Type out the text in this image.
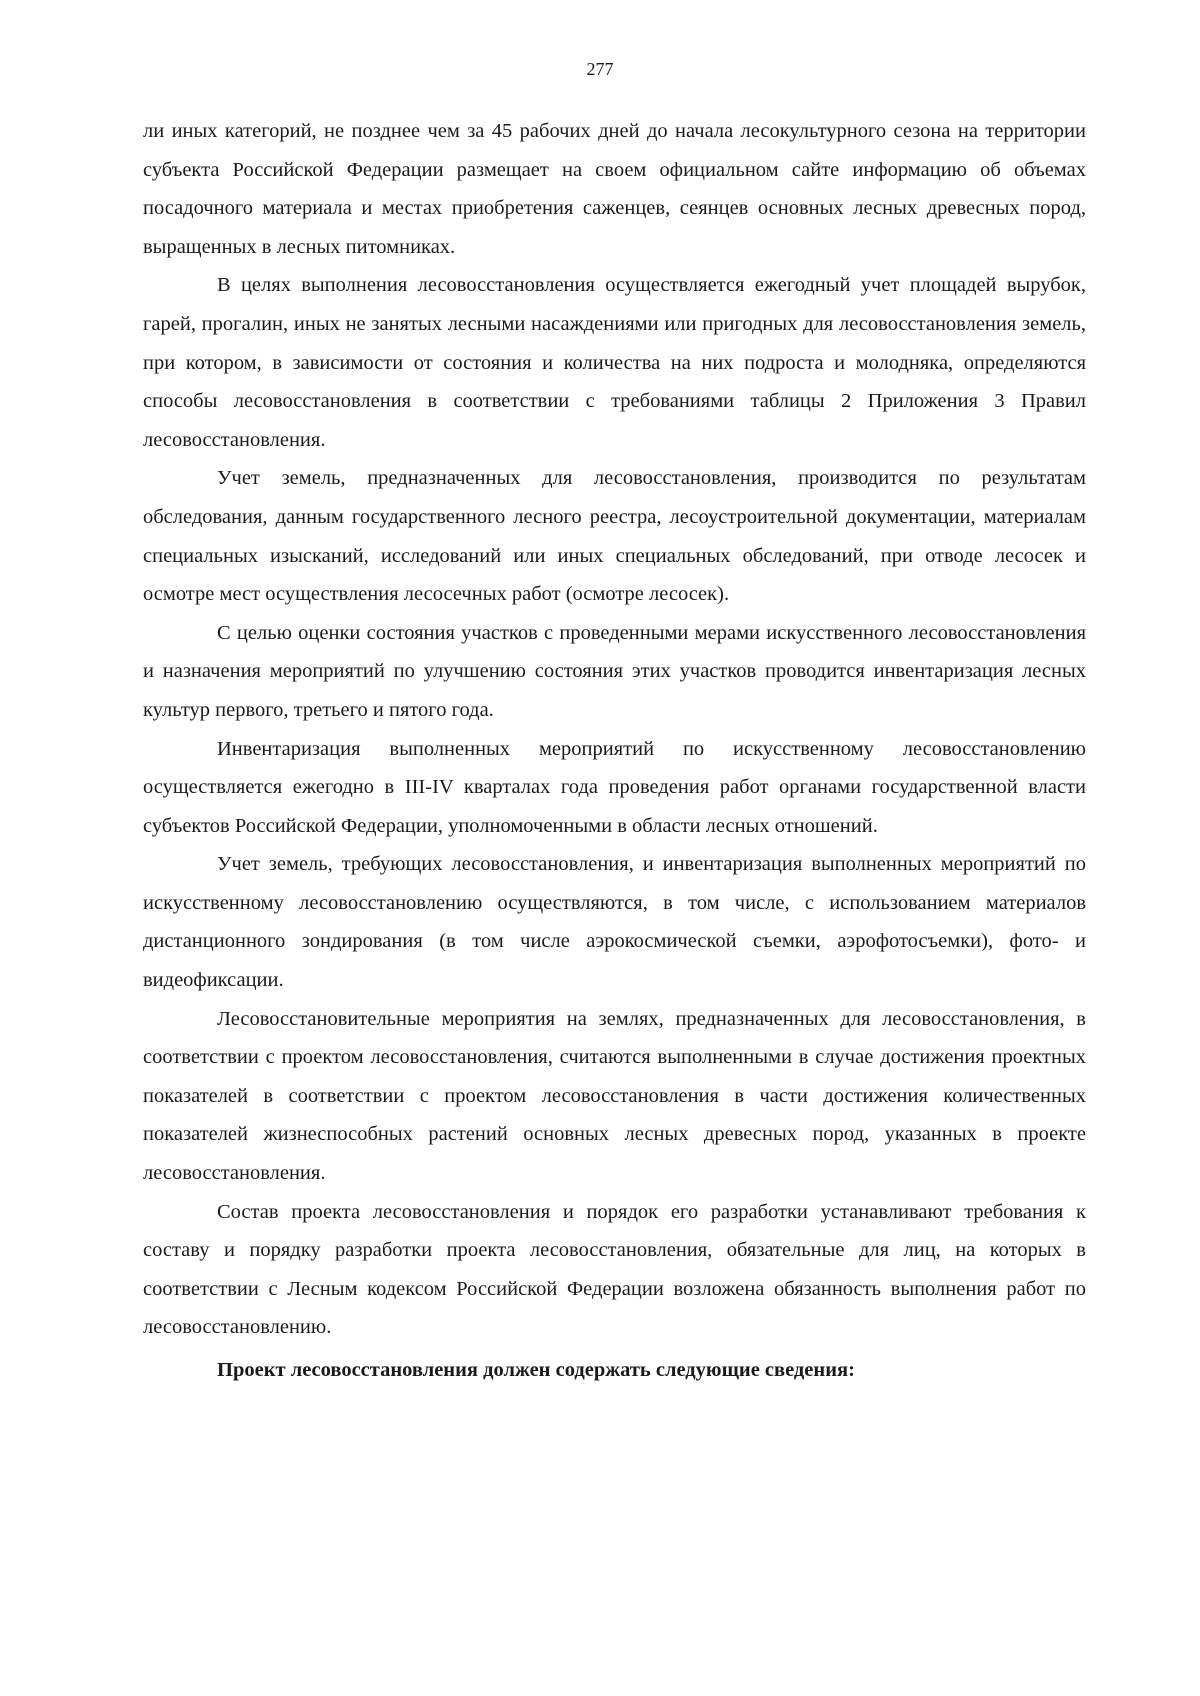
277

ли иных категорий, не позднее чем за 45 рабочих дней до начала лесокультурного сезона на территории субъекта Российской Федерации размещает на своем официальном сайте информацию об объемах посадочного материала и местах приобретения саженцев, сеянцев основных лесных древесных пород, выращенных в лесных питомниках.

В целях выполнения лесовосстановления осуществляется ежегодный учет площадей вырубок, гарей, прогалин, иных не занятых лесными насаждениями или пригодных для лесовосстановления земель, при котором, в зависимости от состояния и количества на них подроста и молодняка, определяются способы лесовосстановления в соответствии с требованиями таблицы 2 Приложения 3 Правил лесовосстановления.

Учет земель, предназначенных для лесовосстановления, производится по результатам обследования, данным государственного лесного реестра, лесоустроительной документации, материалам специальных изысканий, исследований или иных специальных обследований, при отводе лесосек и осмотре мест осуществления лесосечных работ (осмотре лесосек).

С целью оценки состояния участков с проведенными мерами искусственного лесовосстановления и назначения мероприятий по улучшению состояния этих участков проводится инвентаризация лесных культур первого, третьего и пятого года.

Инвентаризация выполненных мероприятий по искусственному лесовосстановлению осуществляется ежегодно в III-IV кварталах года проведения работ органами государственной власти субъектов Российской Федерации, уполномоченными в области лесных отношений.

Учет земель, требующих лесовосстановления, и инвентаризация выполненных мероприятий по искусственному лесовосстановлению осуществляются, в том числе, с использованием материалов дистанционного зондирования (в том числе аэрокосмической съемки, аэрофотосъемки), фото- и видеофиксации.

Лесовосстановительные мероприятия на землях, предназначенных для лесовосстановления, в соответствии с проектом лесовосстановления, считаются выполненными в случае достижения проектных показателей в соответствии с проектом лесовосстановления в части достижения количественных показателей жизнеспособных растений основных лесных древесных пород, указанных в проекте лесовосстановления.

Состав проекта лесовосстановления и порядок его разработки устанавливают требования к составу и порядку разработки проекта лесовосстановления, обязательные для лиц, на которых в соответствии с Лесным кодексом Российской Федерации возложена обязанность выполнения работ по лесовосстановлению.

Проект лесовосстановления должен содержать следующие сведения:
